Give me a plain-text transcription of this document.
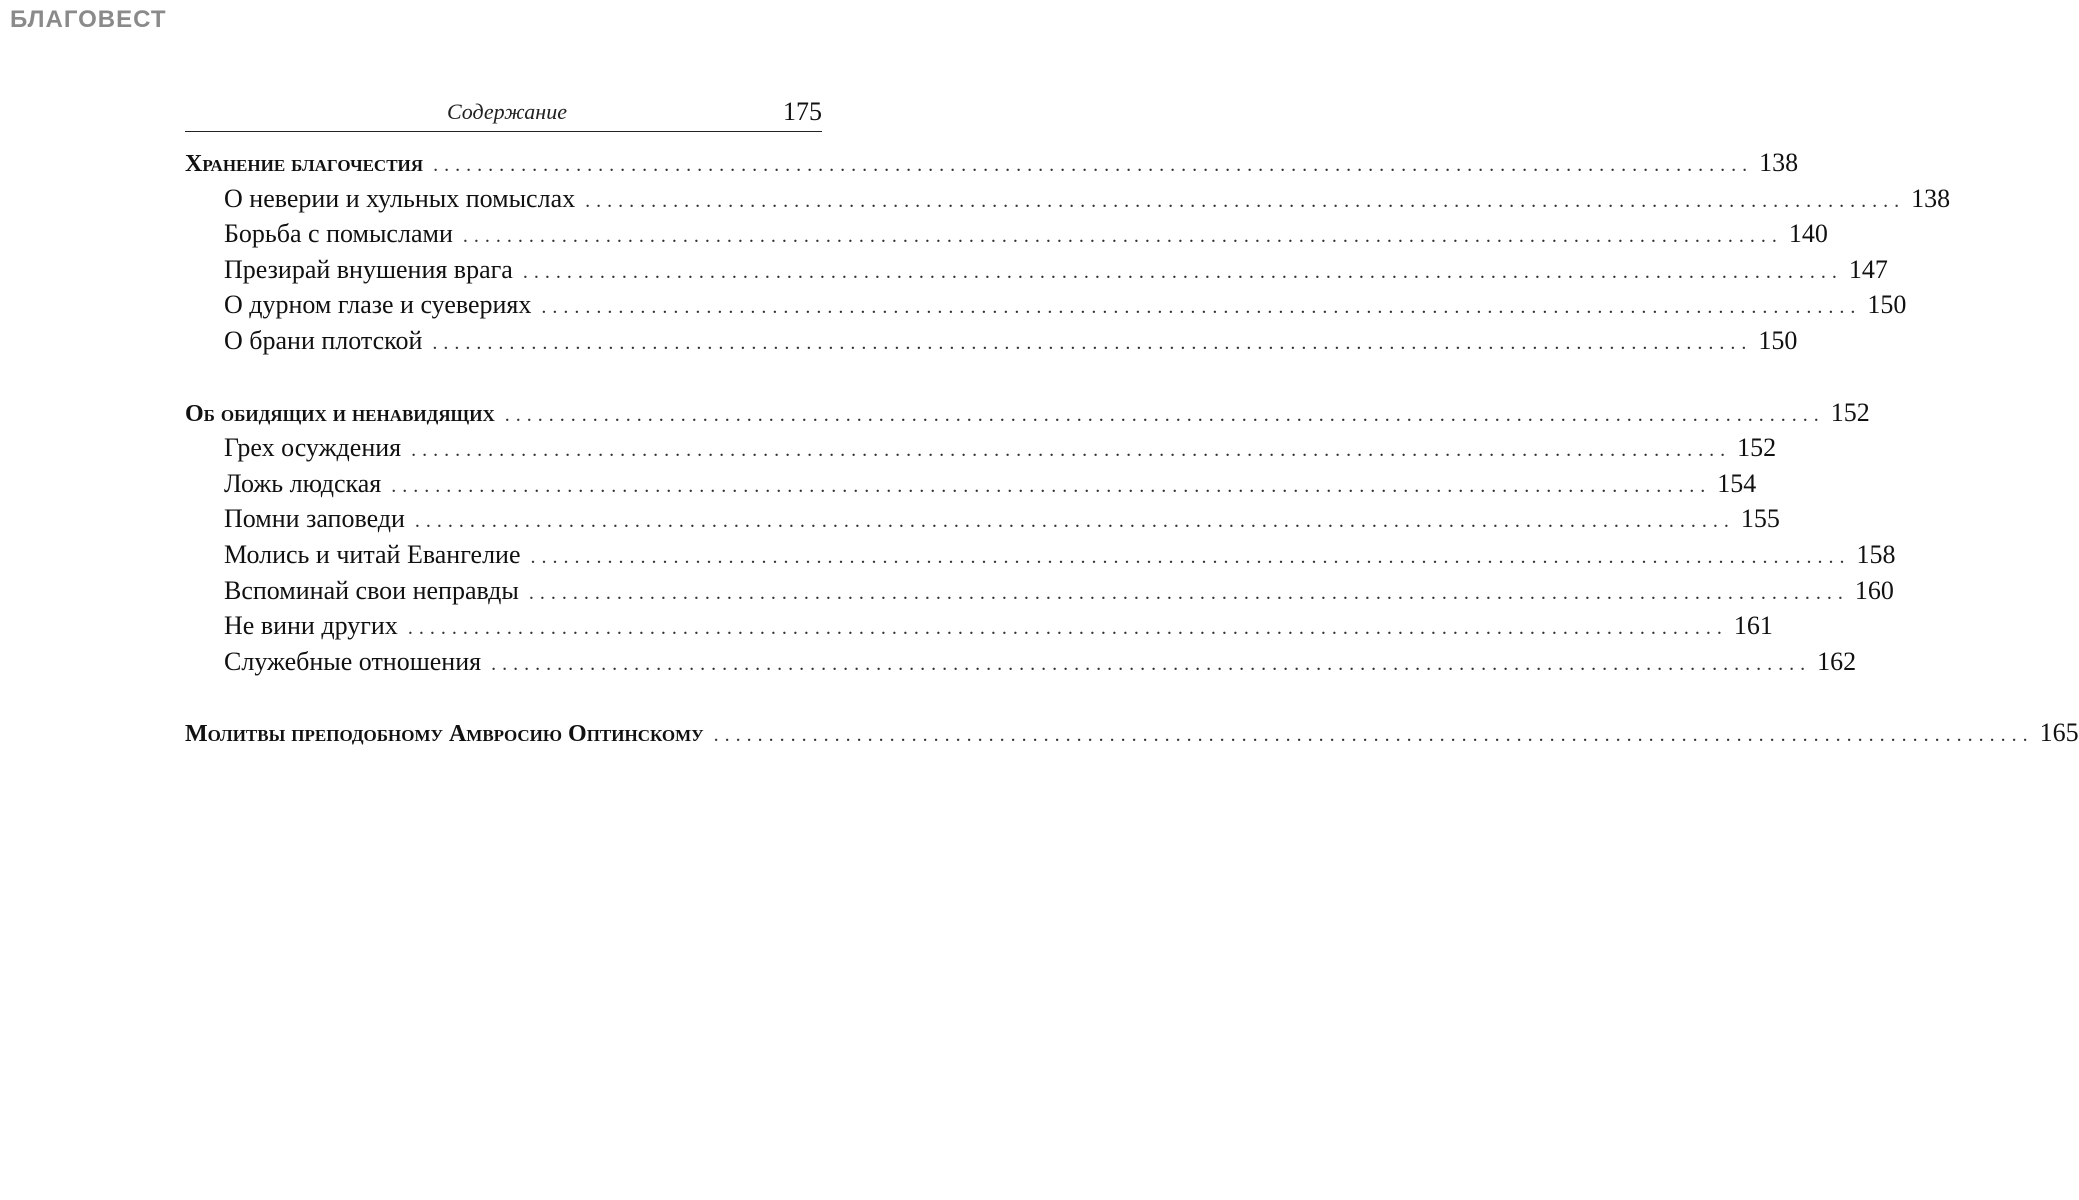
БЛАГОВЕСТ
Содержание	175
Хранение благочестия ........................................................................................................................ 138
О неверии и хульных помыслах ........................................................................................................................ 138
Борьба с помыслами ........................................................................................................................ 140
Презирай внушения врага ........................................................................................................................ 147
О дурном глазе и суевериях ........................................................................................................................ 150
О брани плотской ........................................................................................................................ 150
Об обидящих и ненавидящих ........................................................................................................................ 152
Грех осуждения ........................................................................................................................ 152
Ложь людская ........................................................................................................................ 154
Помни заповеди ........................................................................................................................ 155
Молись и читай Евангелие ........................................................................................................................ 158
Вспоминай свои неправды ........................................................................................................................ 160
Не вини других ........................................................................................................................ 161
Служебные отношения ........................................................................................................................ 162
Молитвы преподобному Амвросию Оптинскому ........................................................................................................................ 165
